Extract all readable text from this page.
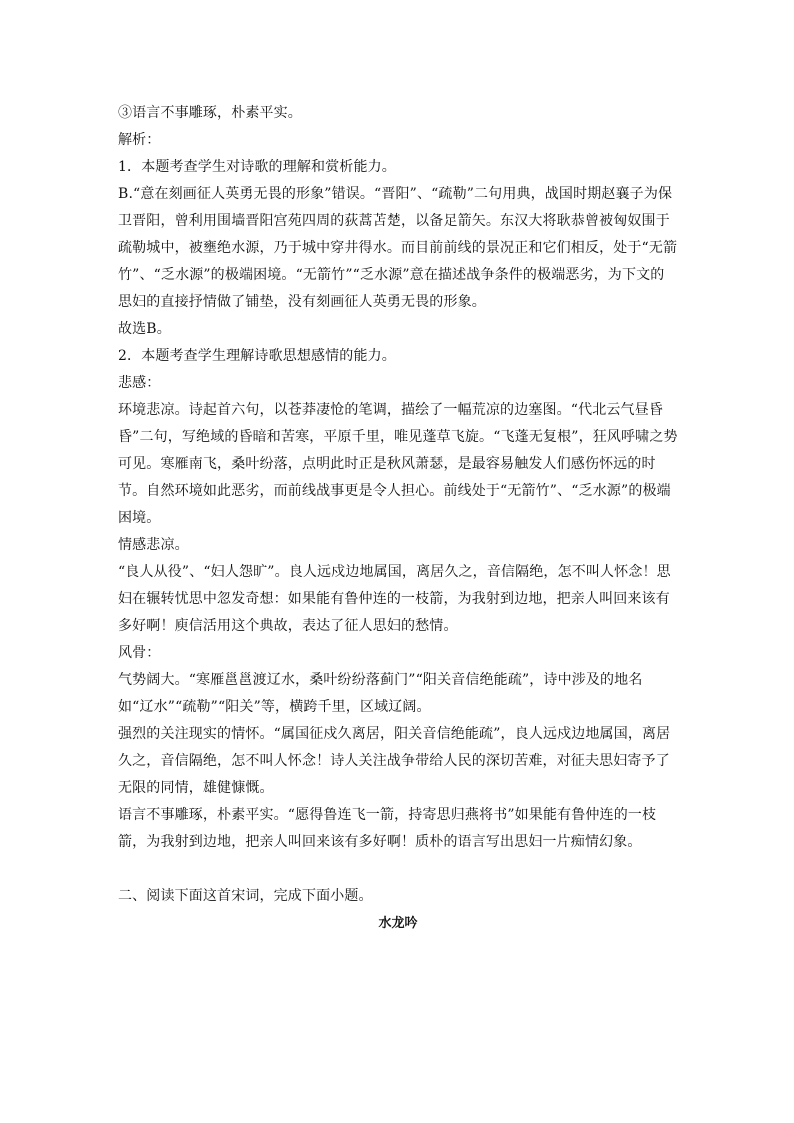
③语言不事雕琢，朴素平实。

解析：

1．本题考查学生对诗歌的理解和赏析能力。

B.“意在刻画征人英勇无畏的形象”错误。“晋阳”、“疏勒”二句用典，战国时期赵襄子为保卫晋阳，曾利用围墙晋阳宫苑四周的荻蒿苫楚，以备足箭矢。东汉大将耿恭曾被匈奴围于疏勒城中，被壅绝水源，乃于城中穿井得水。而目前前线的景况正和它们相反，处于“无箭竹”、“乏水源”的极端困境。“无箭竹”“乏水源”意在描述战争条件的极端恶劣，为下文的思妇的直接抒情做了铺垫，没有刻画征人英勇无畏的形象。

故选B。

2．本题考查学生理解诗歌思想感情的能力。

悲感：

环境悲凉。诗起首六句，以苍莽凄怆的笔调，描绘了一幅荒凉的边塞图。“代北云气昼昏昏”二句，写绝域的昏暗和苦寒，平原千里，唯见蓬草飞旋。“飞蓬无复根”，狂风呼啸之势可见。寒雁南飞，桑叶纷落，点明此时正是秋风萧瑟，是最容易触发人们感伤怀远的时节。自然环境如此恶劣，而前线战事更是令人担心。前线处于“无箭竹”、“乏水源”的极端困境。

情感悲凉。

“良人从役”、“妇人怨旷”。良人远戍边地属国，离居久之，音信隔绝，怎不叫人怀念！思妇在辗转忧思中忽发奇想：如果能有鲁仲连的一枝箭，为我射到边地，把亲人叫回来该有多好啊！庾信活用这个典故，表达了征人思妇的愁情。

风骨：

气势阔大。“寒雁邕邕渡辽水，桑叶纷纷落蓟门”“阳关音信绝能疏”，诗中涉及的地名如“辽水”“疏勒”“阳关”等，横跨千里，区域辽阔。

强烈的关注现实的情怀。“属国征戍久离居，阳关音信绝能疏”，良人远戍边地属国，离居久之，音信隔绝，怎不叫人怀念！诗人关注战争带给人民的深切苦难，对征夫思妇寄予了无限的同情，雄健慷慨。

语言不事雕琢，朴素平实。“愿得鲁连飞一箭，持寄思归燕将书”如果能有鲁仲连的一枝箭，为我射到边地，把亲人叫回来该有多好啊！质朴的语言写出思妇一片痴情幻象。

二、阅读下面这首宋词，完成下面小题。

水龙吟
